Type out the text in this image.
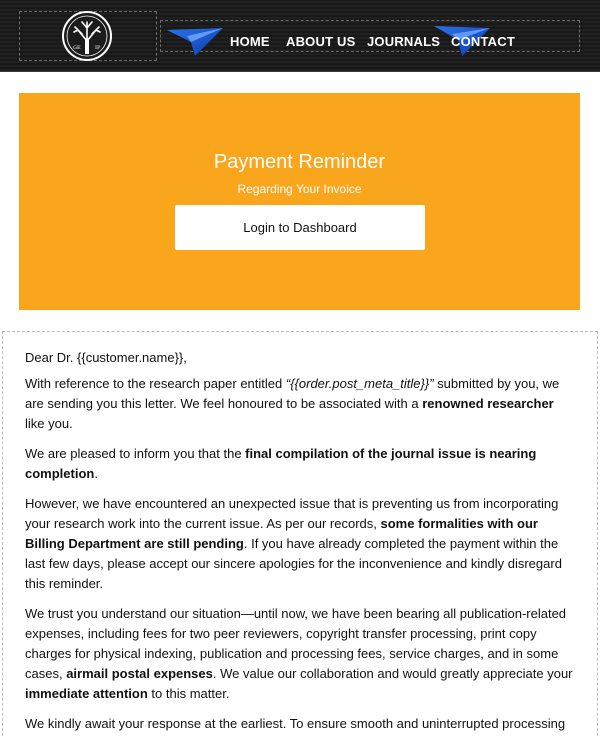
GE	IP	HOME ABOUT US JOURNALS CONTACT
Payment Reminder
Regarding Your Invoice
Login to Dashboard

Dear Dr. {{customer.name}},

With reference to the research paper entitled “{{order.post_meta_title}}” submitted by you, we are sending you this letter. We feel honoured to be associated with a renowned researcher like you.

We are pleased to inform you that the final compilation of the journal issue is nearing completion.

However, we have encountered an unexpected issue that is preventing us from incorporating your research work into the current issue. As per our records, some formalities with our Billing Department are still pending. If you have already completed the payment within the last few days, please accept our sincere apologies for the inconvenience and kindly disregard this reminder.

We trust you understand our situation—until now, we have been bearing all publication-related expenses, including fees for two peer reviewers, copyright transfer processing, print copy charges for physical indexing, publication and processing fees, service charges, and in some cases, airmail postal expenses. We value our collaboration and would greatly appreciate your immediate attention to this matter.

We kindly await your response at the earliest. To ensure smooth and uninterrupted processing
